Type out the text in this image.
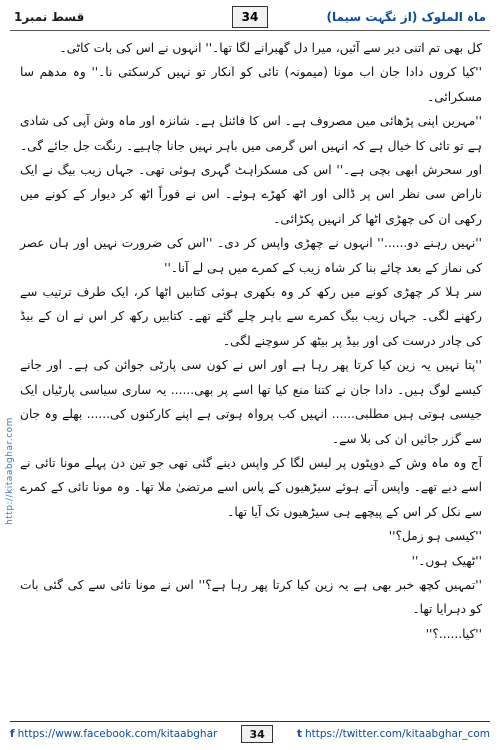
قسط نمبر1	34	ماہ الملوک (از نگہت سیما)
http://kitaabghar.com

کل بھی تم اتنی دیر سے آئیں، میرا دل گھبرانے لگا تھا۔'' انہوں نے اس کی بات کاٹی۔

''کیا کروں دادا جان اب مونا (میمونہ) تائی کو انکار تو نہیں کرسکتی نا۔'' وہ مدھم سا مسکرائی۔

''مہرین اپنی پڑھائی میں مصروف ہے۔ اس کا فائنل ہے۔ شانزہ اور ماہ وش آپی کی شادی ہے تو تائی کا خیال ہے کہ انہیں اس گرمی میں باہر نہیں جانا چاہیے۔ رنگت جل جائے گی۔ اور سحرش ابھی بچی ہے۔'' اس کی مسکراہٹ گہری ہوئی تھی۔ جہاں زیب بیگ نے ایک ناراض سی نظر اس پر ڈالی اور اٹھ کھڑے ہوئے۔ اس نے فوراً اٹھ کر دیوار کے کونے میں رکھی ان کی چھڑی اٹھا کر انہیں پکڑائی۔

''نہیں رہنے دو......'' انہوں نے چھڑی واپس کر دی۔ ''اس کی ضرورت نہیں اور ہاں عصر کی نماز کے بعد چائے بنا کر شاہ زیب کے کمرے میں ہی لے آنا۔''

سر ہلا کر چھڑی کونے میں رکھ کر وہ بکھری ہوئی کتابیں اٹھا کر، ایک طرف ترتیب سے رکھنے لگی۔ جہاں زیب بیگ کمرے سے باہر چلے گئے تھے۔ کتابیں رکھ کر اس نے ان کے بیڈ کی چادر درست کی اور بیڈ پر بیٹھ کر سوچنے لگی۔

''پتا نہیں یہ زین کیا کرتا پھر رہا ہے اور اس نے کون سی پارٹی جوائن کی ہے۔ اور جانے کیسے لوگ ہیں۔ دادا جان نے کتنا منع کیا تھا اسے پر بھی...... یہ ساری سیاسی پارٹیاں ایک جیسی ہوتی ہیں مطلبی...... انہیں کب پرواہ ہوتی ہے اپنے کارکنوں کی...... بھلے وہ جان سے گزر جائیں ان کی بلا سے۔

آج وہ ماہ وش کے دوپٹوں پر لیس لگا کر واپس دینے گئی تھی جو تین دن پہلے مونا تائی نے اسے دیے تھے۔ واپس آتے ہوئے سیڑھیوں کے پاس اسے مرتضیٰ ملا تھا۔ وہ مونا تائی کے کمرے سے نکل کر اس کے پیچھے ہی سیڑھیوں تک آیا تھا۔

''کیسی ہو زمل؟''

''ٹھیک ہوں۔''

''تمہیں کچھ خبر بھی ہے یہ زین کیا کرتا پھر رہا ہے؟'' اس نے مونا تائی سے کی گئی بات کو دہرایا تھا۔

''کیا......؟''

f https://www.facebook.com/kitaabghar	34	t https://twitter.com/kitaabghar_com
